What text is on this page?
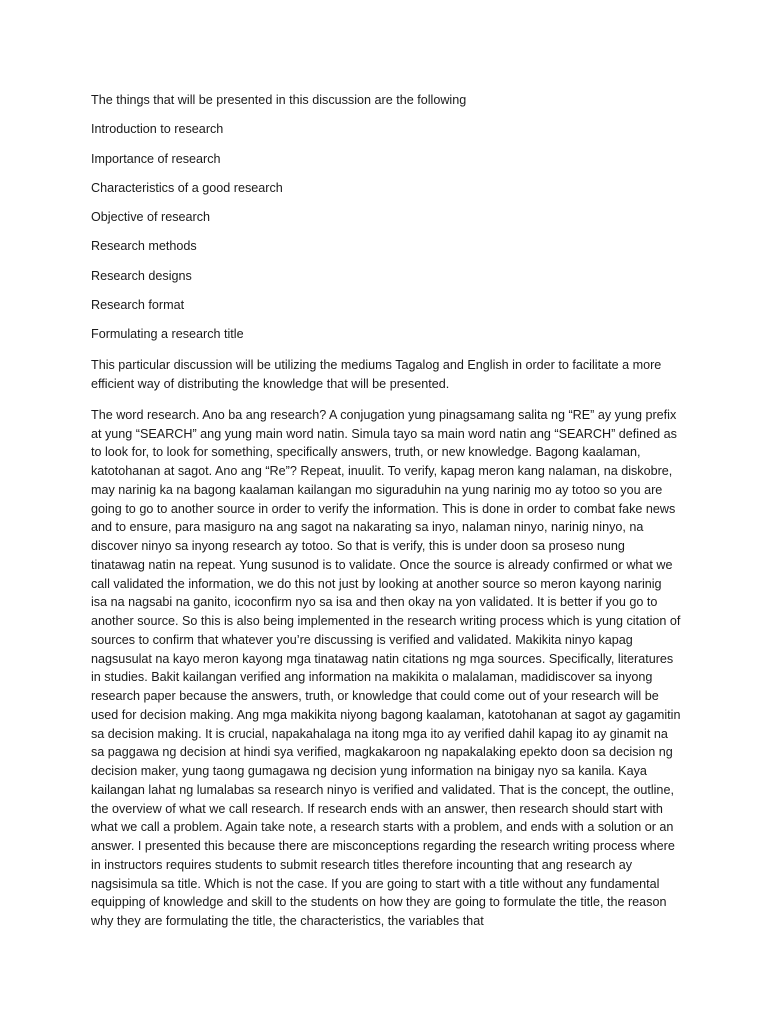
The things that will be presented in this discussion are the following

Introduction to research

Importance of research

Characteristics of a good research

Objective of research

Research methods

Research designs

Research format

Formulating a research title

This particular discussion will be utilizing the mediums Tagalog and English in order to facilitate a more efficient way of distributing the knowledge that will be presented.

The word research. Ano ba ang research? A conjugation yung pinagsamang salita ng “RE” ay yung prefix at yung “SEARCH” ang yung main word natin. Simula tayo sa main word natin ang “SEARCH” defined as to look for, to look for something, specifically answers, truth, or new knowledge. Bagong kaalaman, katotohanan at sagot. Ano ang “Re”? Repeat, inuulit. To verify, kapag meron kang nalaman, na diskobre, may narinig ka na bagong kaalaman kailangan mo siguraduhin na yung narinig mo ay totoo so you are going to go to another source in order to verify the information. This is done in order to combat fake news and to ensure, para masiguro na ang sagot na nakarating sa inyo, nalaman ninyo, narinig ninyo, na discover ninyo sa inyong research ay totoo. So that is verify, this is under doon sa proseso nung tinatawag natin na repeat. Yung susunod is to validate. Once the source is already confirmed or what we call validated the information, we do this not just by looking at another source so meron kayong narinig isa na nagsabi na ganito, icoconfirm nyo sa isa and then okay na yon validated. It is better if you go to another source. So this is also being implemented in the research writing process which is yung citation of sources to confirm that whatever you’re discussing is verified and validated. Makikita ninyo kapag nagsusulat na kayo meron kayong mga tinatawag natin citations ng mga sources. Specifically, literatures in studies. Bakit kailangan verified ang information na makikita o malalaman, madidiscover sa inyong research paper because the answers, truth, or knowledge that could come out of your research will be used for decision making. Ang mga makikita niyong bagong kaalaman, katotohanan at sagot ay gagamitin sa decision making. It is crucial, napakahalaga na itong mga ito ay verified dahil kapag ito ay ginamit na sa paggawa ng decision at hindi sya verified, magkakaroon ng napakalaking epekto doon sa decision ng decision maker, yung taong gumagawa ng decision yung information na binigay nyo sa kanila. Kaya kailangan lahat ng lumalabas sa research ninyo is verified and validated. That is the concept, the outline, the overview of what we call research. If research ends with an answer, then research should start with what we call a problem. Again take note, a research starts with a problem, and ends with a solution or an answer. I presented this because there are misconceptions regarding the research writing process where in instructors requires students to submit research titles therefore incounting that ang research ay nagsisimula sa title. Which is not the case. If you are going to start with a title without any fundamental equipping of knowledge and skill to the students on how they are going to formulate the title, the reason why they are formulating the title, the characteristics, the variables that
